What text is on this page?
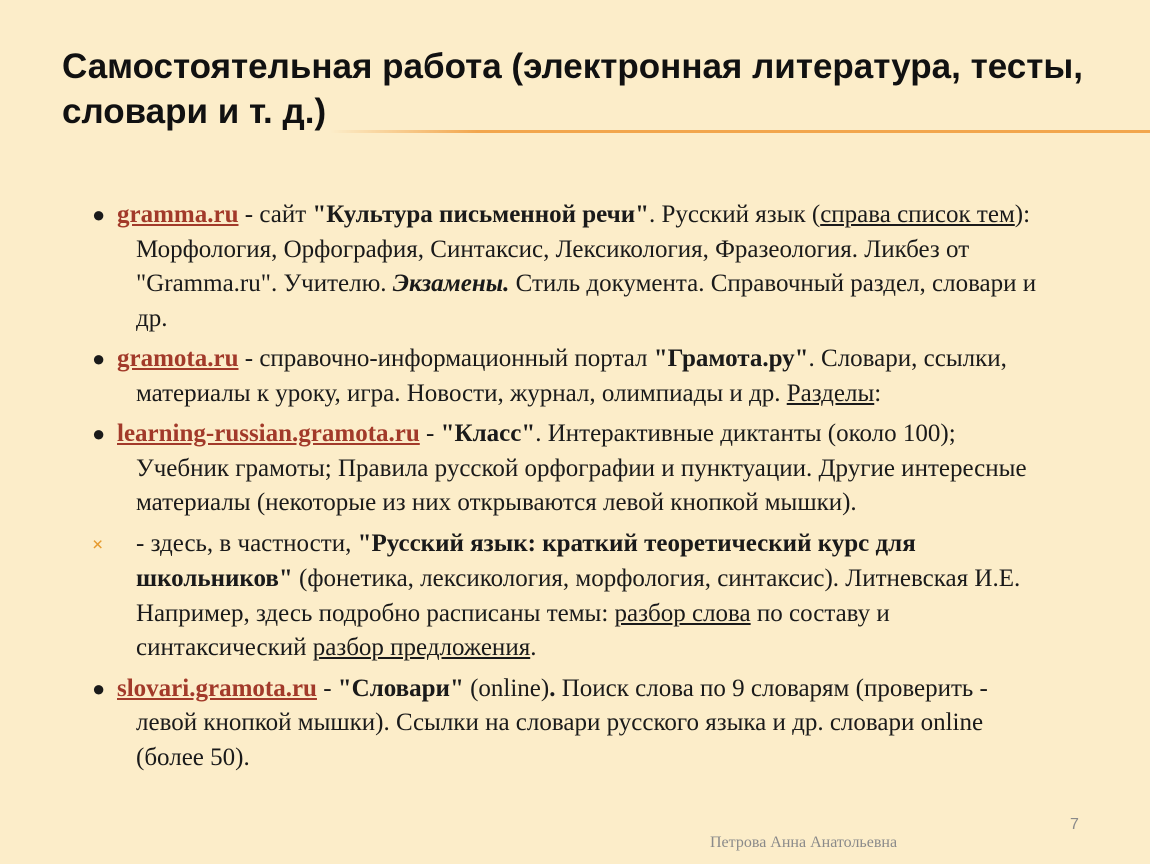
Самостоятельная работа (электронная литература, тесты, словари и т. д.)

● gramma.ru - сайт "Культура письменной речи". Русский язык (справа список тем): Морфология, Орфография, Синтаксис, Лексикология, Фразеология. Ликбез от "Gramma.ru". Учителю. Экзамены. Стиль документа. Справочный раздел, словари и др.

● gramota.ru - справочно-информационный портал "Грамота.ру". Словари, ссылки, материалы к уроку, игра. Новости, журнал, олимпиады и др. Разделы:

● learning-russian.gramota.ru - "Класс". Интерактивные диктанты (около 100); Учебник грамоты; Правила русской орфографии и пунктуации. Другие интересные материалы (некоторые из них открываются левой кнопкой мышки).

× - здесь, в частности, "Русский язык: краткий теоретический курс для школьников" (фонетика, лексикология, морфология, синтаксис). Литневская И.Е. Например, здесь подробно расписаны темы: разбор слова по составу и синтаксический разбор предложения.

● slovari.gramota.ru - "Словари" (online). Поиск слова по 9 словарям (проверить - левой кнопкой мышки). Ссылки на словари русского языка и др. словари online (более 50).

7
Петрова Анна Анатольевна
